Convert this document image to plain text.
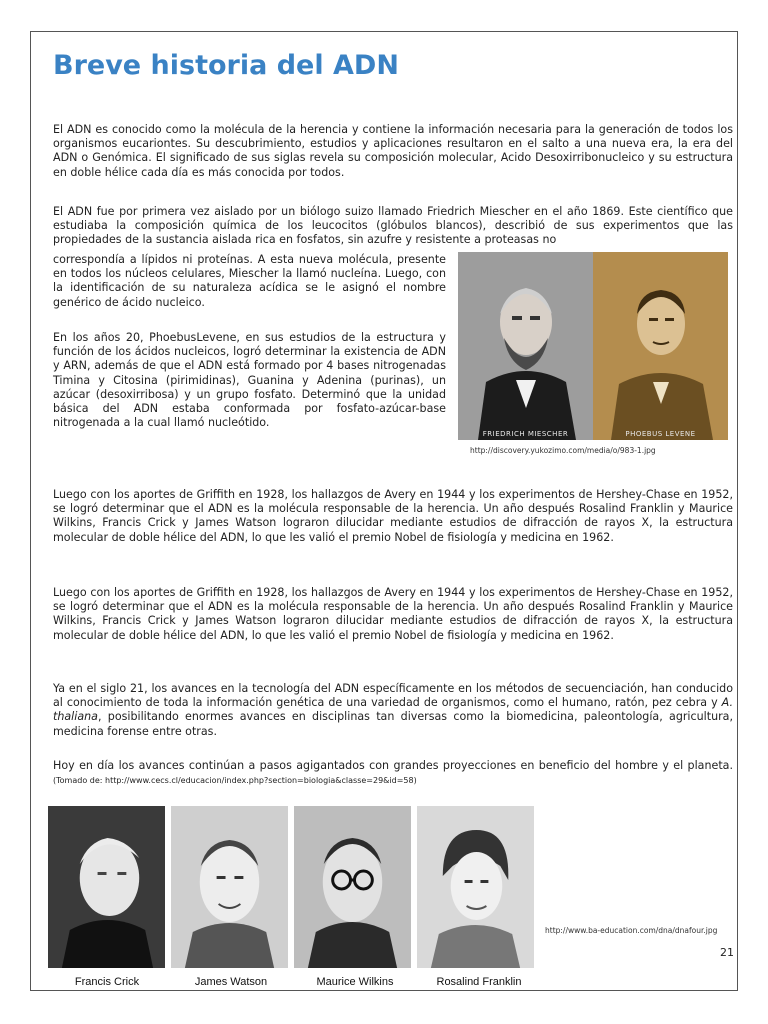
Breve historia del ADN

El ADN es conocido como la molécula de la herencia y contiene la información necesaria para la generación de todos los organismos eucariontes. Su descubrimiento, estudios y aplicaciones resultaron en el salto a una nueva era, la era del ADN o Genómica. El significado de sus siglas revela su composición molecular, Acido Desoxirribonucleico y su estructura en doble hélice cada día es más conocida por todos.

El ADN fue por primera vez aislado por un biólogo suizo llamado Friedrich Miescher en el año 1869. Este científico que estudiaba la composición química de los leucocitos (glóbulos blancos), describió de sus experimentos que las propiedades de la sustancia aislada rica en fosfatos, sin azufre y resistente a proteasas no

correspondía a lípidos ni proteínas. A esta nueva molécula, presente en todos los núcleos celulares, Miescher la llamó nucleína. Luego, con la identificación de su naturaleza acídica se le asignó el nombre genérico de ácido nucleico.

En los años 20, PhoebusLevene, en sus estudios de la estructura y función de los ácidos nucleicos, logró determinar la existencia de ADN y ARN, además de que el ADN está formado por 4 bases nitrogenadas Timina y Citosina (pirimidinas), Guanina y Adenina (purinas), un azúcar (desoxirribosa) y un grupo fosfato. Determinó que la unidad básica del ADN estaba conformada por fosfato-azúcar-base nitrogenada a la cual llamó nucleótido.

FRIEDRICH MIESCHER	PHOEBUS LEVENE
http://discovery.yukozimo.com/media/o/983-1.jpg

Luego con los aportes de Griffith en 1928, los hallazgos de Avery en 1944 y los experimentos de Hershey-Chase en 1952, se logró determinar que el ADN es la molécula responsable de la herencia. Un año después Rosalind Franklin y Maurice Wilkins, Francis Crick y James Watson lograron dilucidar mediante estudios de difracción de rayos X, la estructura molecular de doble hélice del ADN, lo que les valió el premio Nobel de fisiología y medicina en 1962.

Luego con los aportes de Griffith en 1928, los hallazgos de Avery en 1944 y los experimentos de Hershey-Chase en 1952, se logró determinar que el ADN es la molécula responsable de la herencia. Un año después Rosalind Franklin y Maurice Wilkins, Francis Crick y James Watson lograron dilucidar mediante estudios de difracción de rayos X, la estructura molecular de doble hélice del ADN, lo que les valió el premio Nobel de fisiología y medicina en 1962.

Ya en el siglo 21, los avances en la tecnología del ADN específicamente en los métodos de secuenciación, han conducido al conocimiento de toda la información genética de una variedad de organismos, como el humano, ratón, pez cebra y A. thaliana, posibilitando enormes avances en disciplinas tan diversas como la biomedicina, paleontología, agricultura, medicina forense entre otras.

Hoy en día los avances continúan a pasos agigantados con grandes proyecciones en beneficio del hombre y el planeta.(Tomado de: http://www.cecs.cl/educacion/index.php?section=biologia&classe=29&id=58)

Francis Crick	James Watson	Maurice Wilkins	Rosalind Franklin
http://www.ba-education.com/dna/dnafour.jpg
21
